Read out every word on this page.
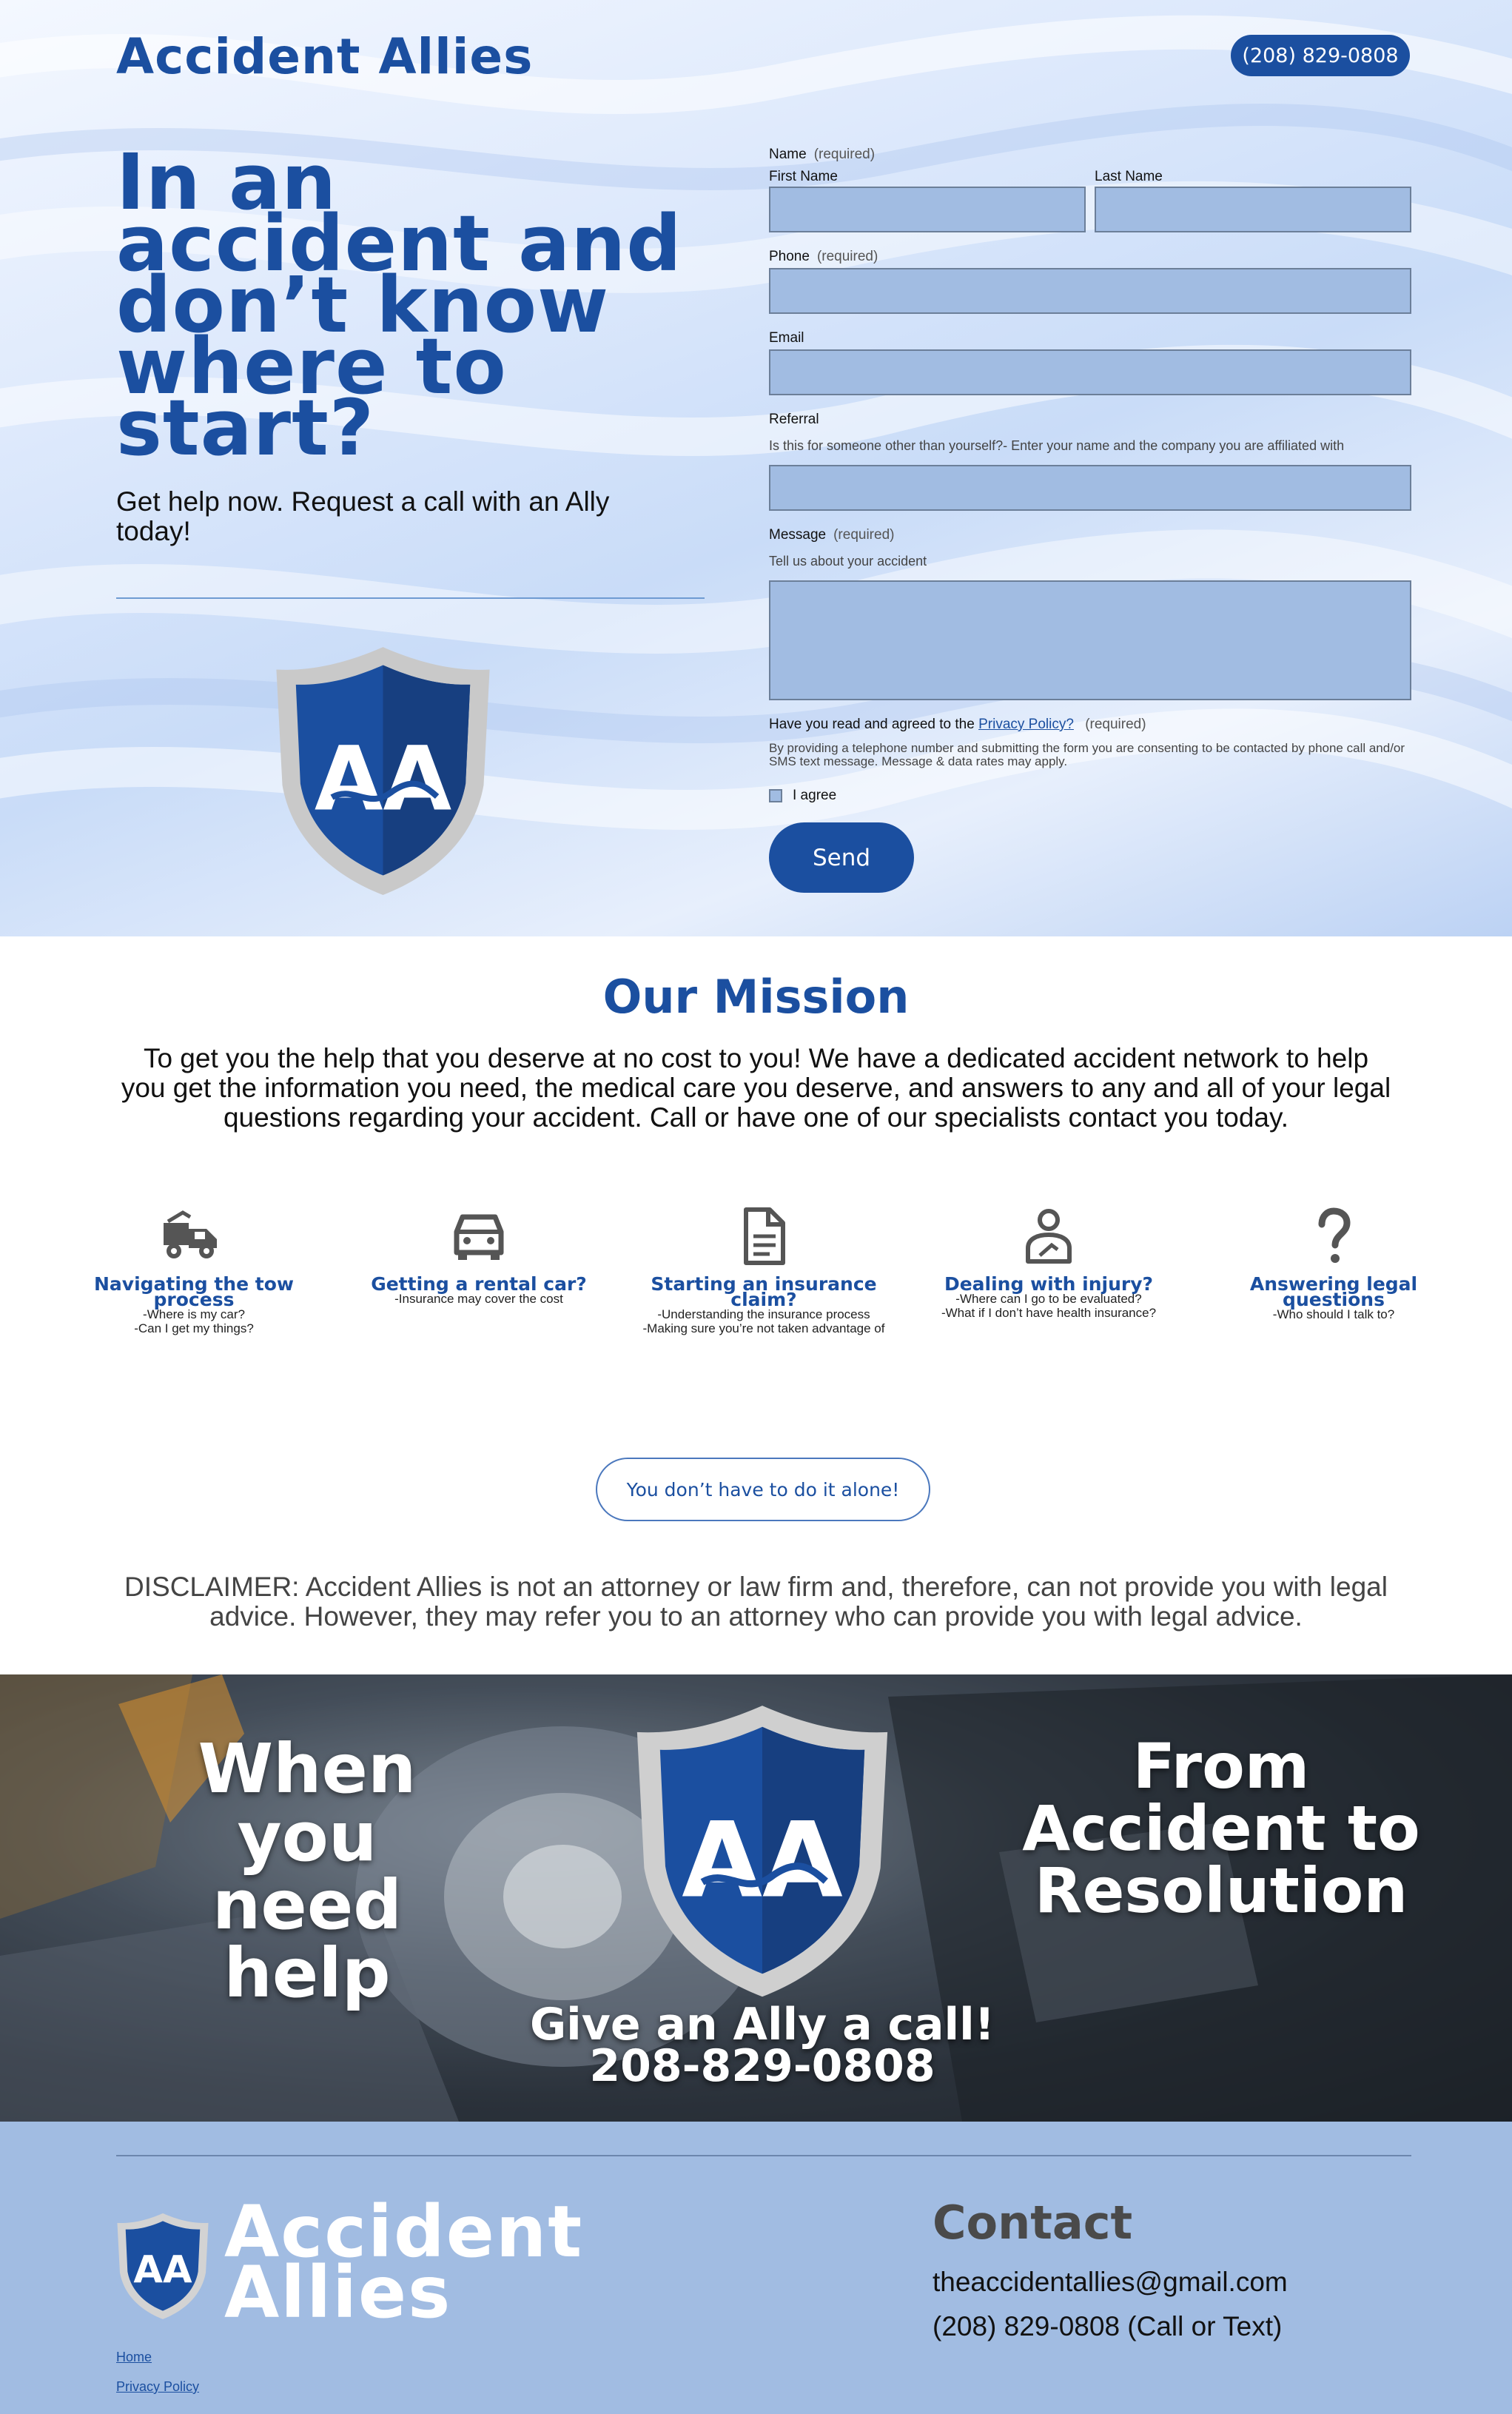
Accident Allies	(208) 829-0808
In an accident and don’t know where to start?
Get help now. Request a call with an Ally today!
AA
Name (required)
First Name	Last Name
Phone (required)
Email
Referral
Is this for someone other than yourself?- Enter your name and the company you are affiliated with
Message (required)
Tell us about your accident
Have you read and agreed to the Privacy Policy? (required)
By providing a telephone number and submitting the form you are consenting to be contacted by phone call and/or SMS text message. Message & data rates may apply.
I agree
Send
Our Mission
To get you the help that you deserve at no cost to you! We have a dedicated accident network to help you get the information you need, the medical care you deserve, and answers to any and all of your legal questions regarding your accident. Call or have one of our specialists contact you today.
Navigating the tow process
-Where is my car?
-Can I get my things?
Getting a rental car?
-Insurance may cover the cost
Starting an insurance claim?
-Understanding the insurance process
-Making sure you’re not taken advantage of
Dealing with injury?
-Where can I go to be evaluated?
-What if I don’t have health insurance?
Answering legal questions
-Who should I talk to?
You don’t have to do it alone!
DISCLAIMER: Accident Allies is not an attorney or law firm and, therefore, can not provide you with legal advice. However, they may refer you to an attorney who can provide you with legal advice.
When you need help
AA
From Accident to Resolution
Give an Ally a call!
208-829-0808
AA Accident
Allies
Home
Privacy Policy
Contact
theaccidentallies@gmail.com
(208) 829-0808 (Call or Text)
